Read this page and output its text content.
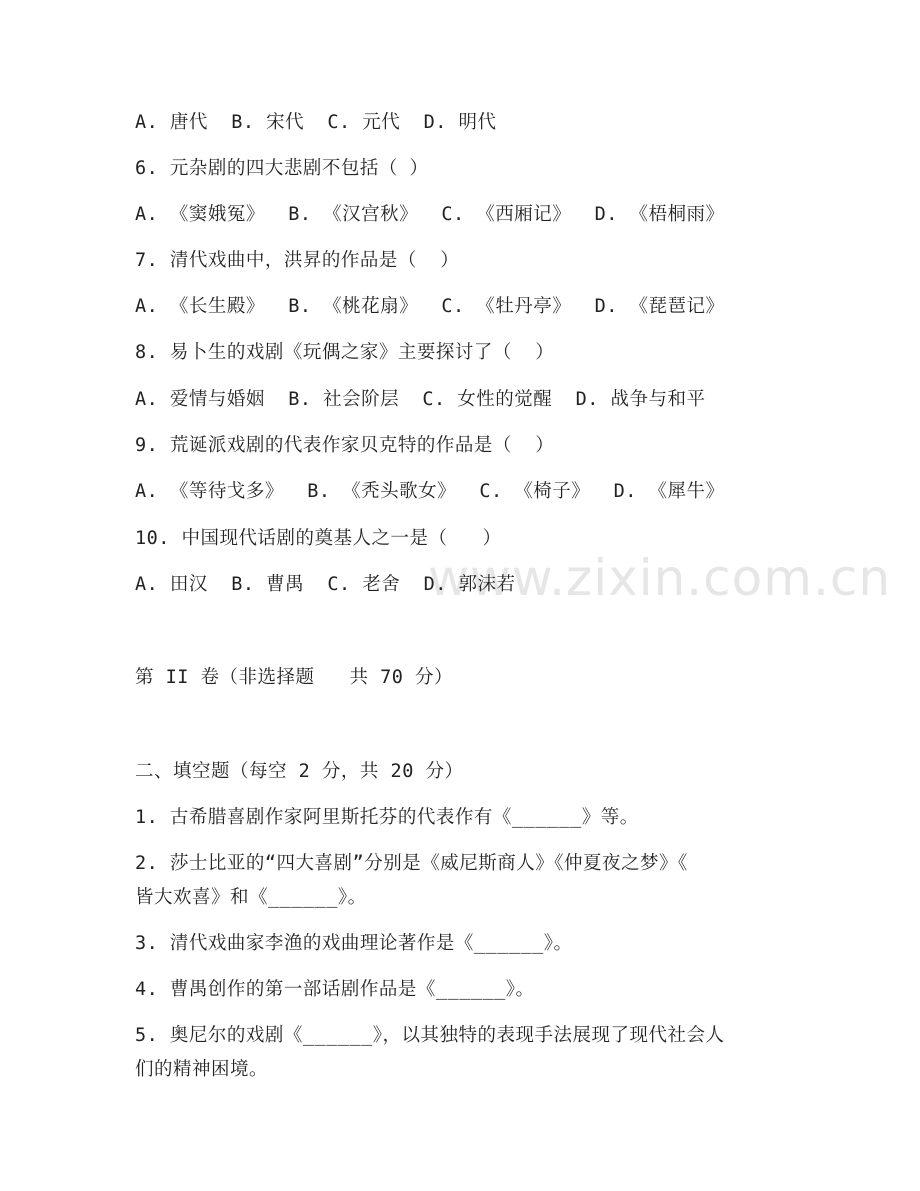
www.zixin.com.cn
A. 唐代  B. 宋代  C. 元代  D. 明代
6. 元杂剧的四大悲剧不包括（ ）
A. 《窦娥冤》  B. 《汉宫秋》  C. 《西厢记》  D. 《梧桐雨》
7. 清代戏曲中，洪昇的作品是（  ）
A. 《长生殿》  B. 《桃花扇》  C. 《牡丹亭》  D. 《琵琶记》
8. 易卜生的戏剧《玩偶之家》主要探讨了（  ）
A. 爱情与婚姻  B. 社会阶层  C. 女性的觉醒  D. 战争与和平
9. 荒诞派戏剧的代表作家贝克特的作品是（  ）
A. 《等待戈多》  B. 《秃头歌女》  C. 《椅子》  D. 《犀牛》
10. 中国现代话剧的奠基人之一是（   ）
A. 田汉  B. 曹禺  C. 老舍  D. 郭沫若
第 II 卷（非选择题   共 70 分）
二、填空题（每空 2 分，共 20 分）
1. 古希腊喜剧作家阿里斯托芬的代表作有《______》等。
2. 莎士比亚的“四大喜剧”分别是《威尼斯商人》《仲夏夜之梦》《
皆大欢喜》和《______》。
3. 清代戏曲家李渔的戏曲理论著作是《______》。
4. 曹禺创作的第一部话剧作品是《______》。
5. 奥尼尔的戏剧《______》，以其独特的表现手法展现了现代社会人
们的精神困境。
